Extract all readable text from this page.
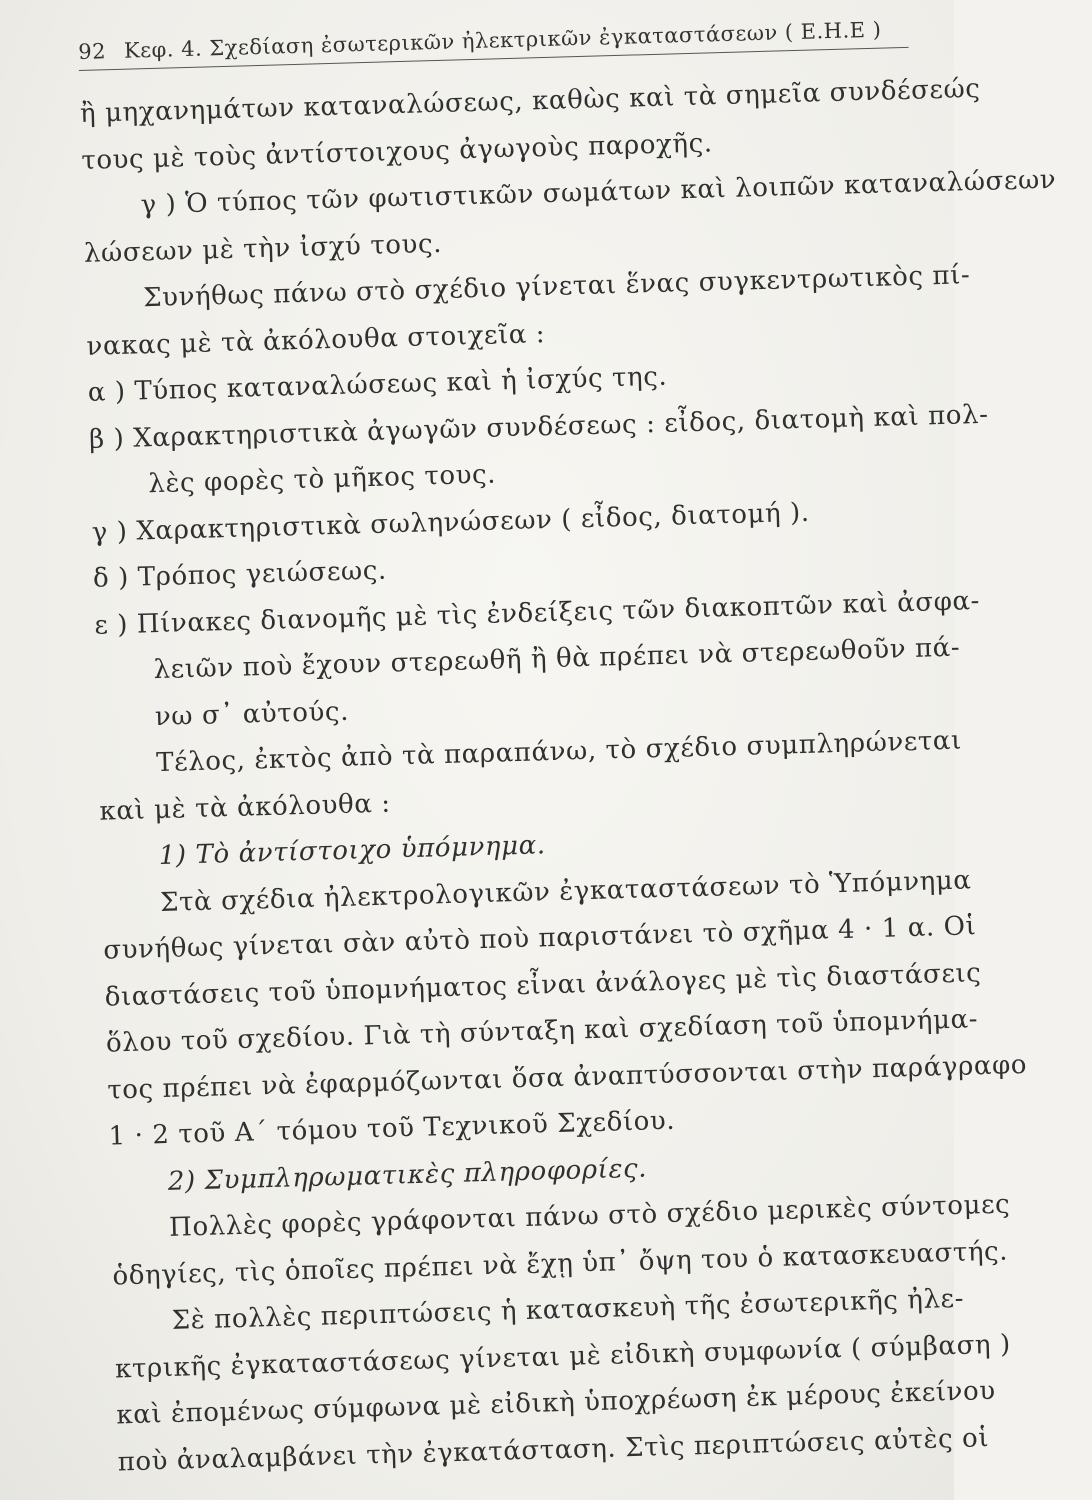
92 Κεφ. 4. Σχεδίαση ἐσωτερικῶν ἠλεκτρικῶν ἐγκαταστάσεων ( Ε.Η.Ε )
ἢ μηχανημάτων καταναλώσεως, καθὼς καὶ τὰ σημεῖα συνδέσεώς
τους μὲ τοὺς ἀντίστοιχους ἀγωγοὺς παροχῆς.
γ ) Ὁ τύπος τῶν φωτιστικῶν σωμάτων καὶ λοιπῶν καταναλώσεων
λώσεων μὲ τὴν ἰσχύ τους.
Συνήθως πάνω στὸ σχέδιο γίνεται ἕνας συγκεντρωτικὸς πί-
νακας μὲ τὰ ἀκόλουθα στοιχεῖα :
α ) Τύπος καταναλώσεως καὶ ἡ ἰσχύς της.
β ) Χαρακτηριστικὰ ἀγωγῶν συνδέσεως : εἶδος, διατομὴ καὶ πολ-
λὲς φορὲς τὸ μῆκος τους.
γ ) Χαρακτηριστικὰ σωληνώσεων ( εἶδος, διατομή ).
δ ) Τρόπος γειώσεως.
ε ) Πίνακες διανομῆς μὲ τὶς ἐνδείξεις τῶν διακοπτῶν καὶ ἀσφα-
λειῶν ποὺ ἔχουν στερεωθῆ ἢ θὰ πρέπει νὰ στερεωθοῦν πά-
νω σ᾽ αὐτούς.
Τέλος, ἐκτὸς ἀπὸ τὰ παραπάνω, τὸ σχέδιο συμπληρώνεται
καὶ μὲ τὰ ἀκόλουθα :
1) Τὸ ἀντίστοιχο ὑπόμνημα.
Στὰ σχέδια ἠλεκτρολογικῶν ἐγκαταστάσεων τὸ Ὑπόμνημα
συνήθως γίνεται σὰν αὐτὸ ποὺ παριστάνει τὸ σχῆμα 4 · 1 α. Οἱ
διαστάσεις τοῦ ὑπομνήματος εἶναι ἀνάλογες μὲ τὶς διαστάσεις
ὅλου τοῦ σχεδίου. Γιὰ τὴ σύνταξη καὶ σχεδίαση τοῦ ὑπομνήμα-
τος πρέπει νὰ ἐφαρμόζωνται ὅσα ἀναπτύσσονται στὴν παράγραφο
1 · 2 τοῦ Α΄ τόμου τοῦ Τεχνικοῦ Σχεδίου.
2) Συμπληρωματικὲς πληροφορίες.
Πολλὲς φορὲς γράφονται πάνω στὸ σχέδιο μερικὲς σύντομες
ὁδηγίες, τὶς ὁποῖες πρέπει νὰ ἔχῃ ὑπ᾽ ὄψη του ὁ κατασκευαστής.
Σὲ πολλὲς περιπτώσεις ἡ κατασκευὴ τῆς ἐσωτερικῆς ἠλε-
κτρικῆς ἐγκαταστάσεως γίνεται μὲ εἰδικὴ συμφωνία ( σύμβαση )
καὶ ἐπομένως σύμφωνα μὲ εἰδικὴ ὑποχρέωση ἐκ μέρους ἐκείνου
ποὺ ἀναλαμβάνει τὴν ἐγκατάσταση. Στὶς περιπτώσεις αὐτὲς οἱ
